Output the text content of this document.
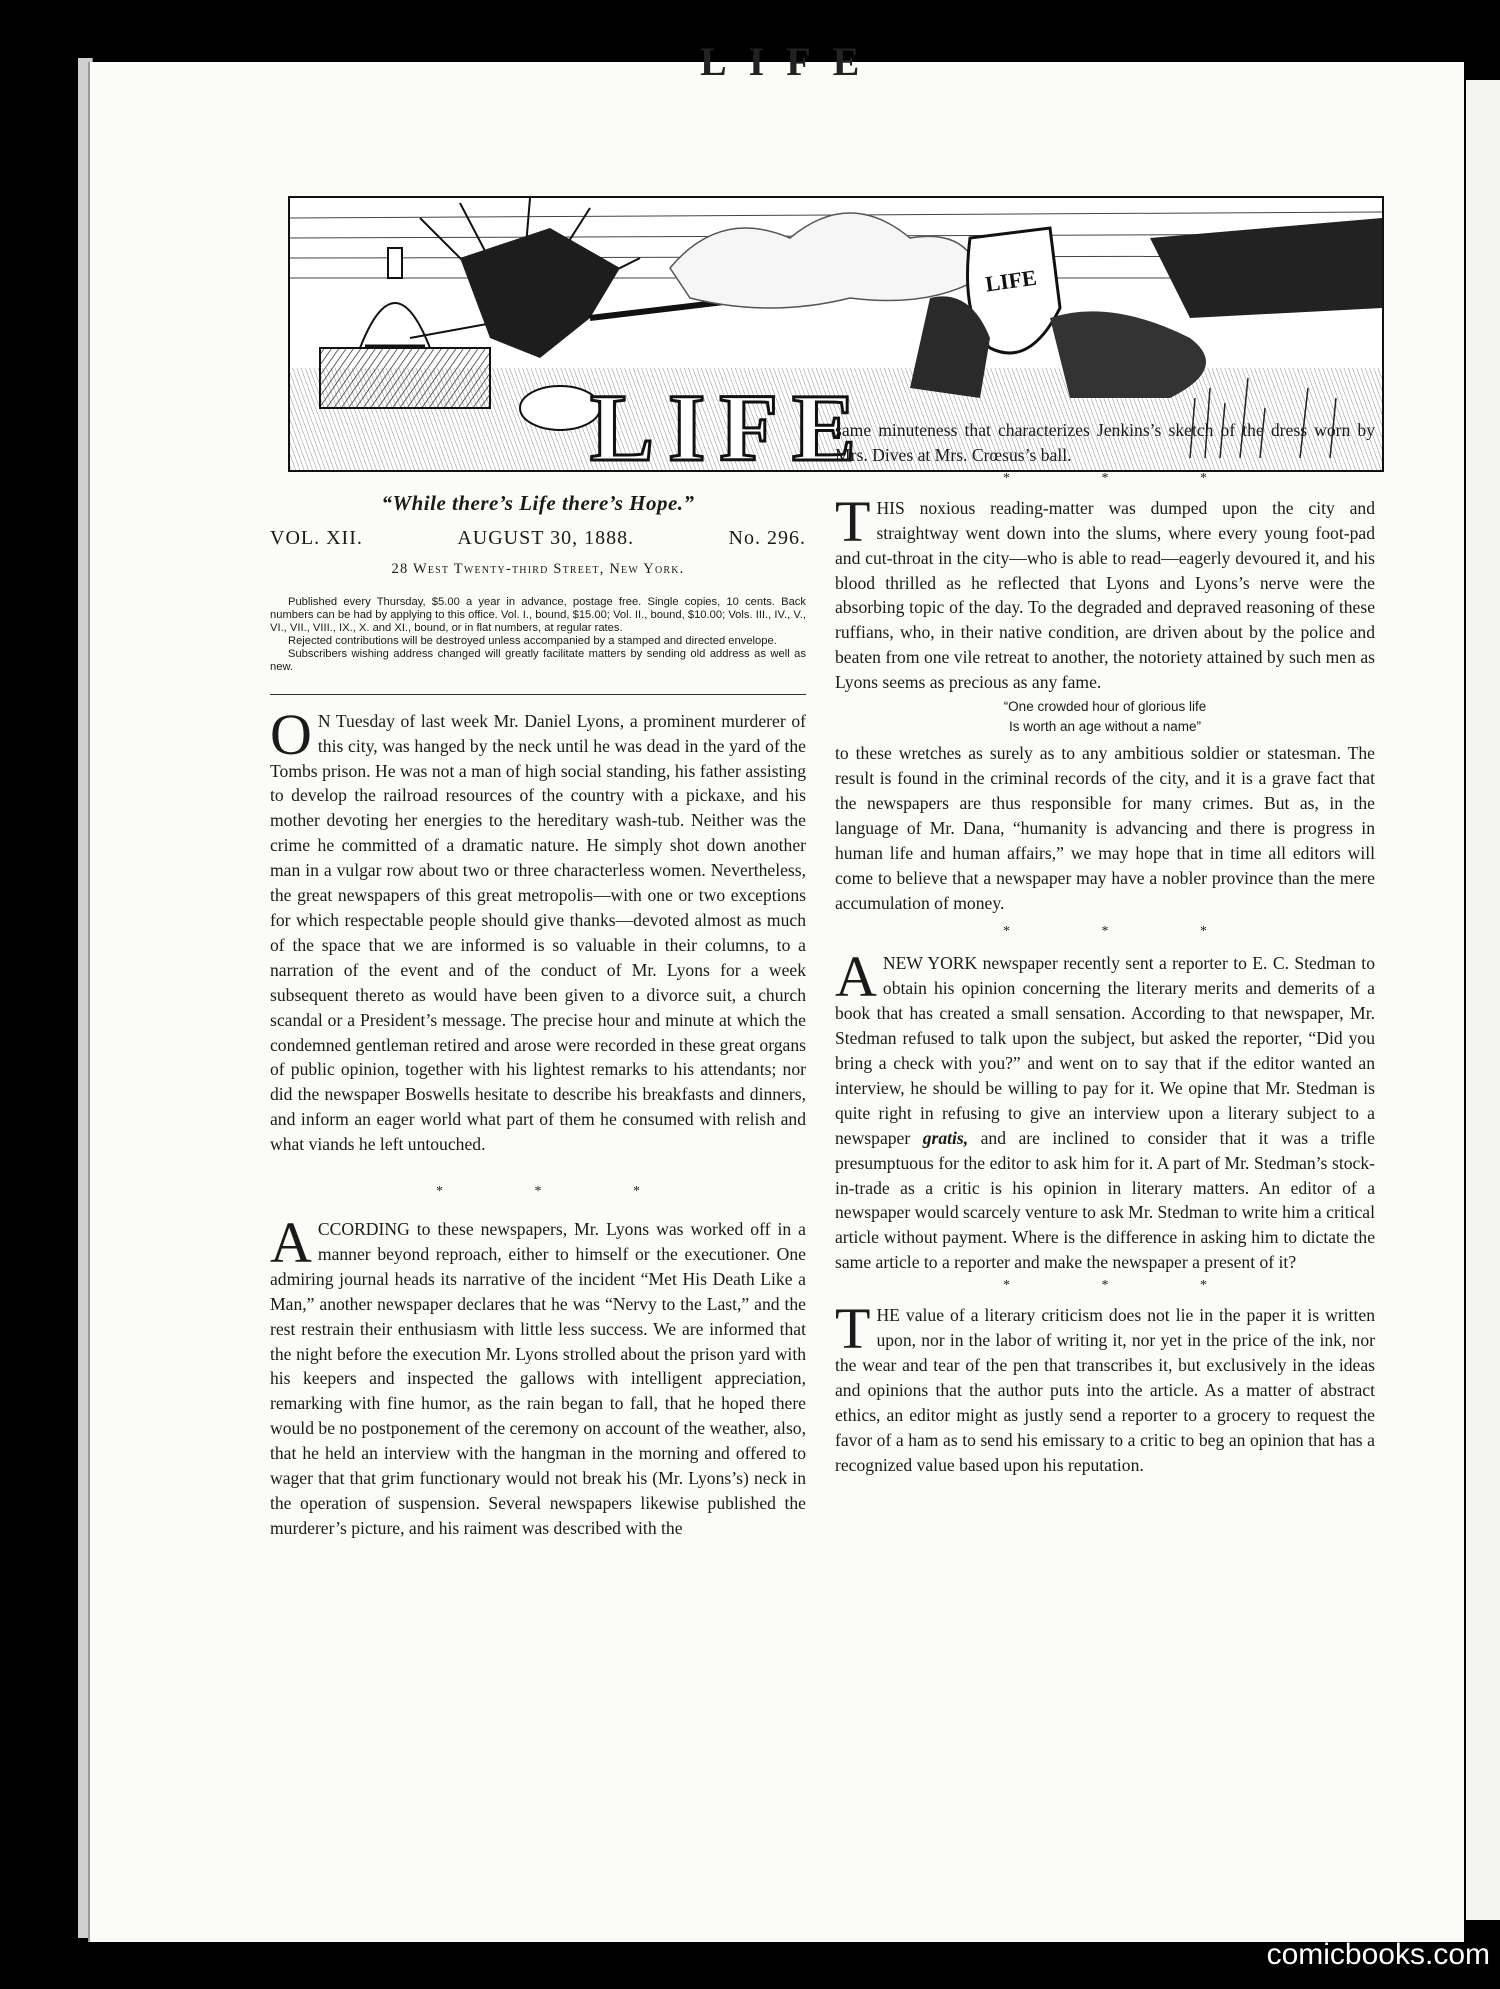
LIFE
LIFE
LIFE
“While there’s Life there’s Hope.”
VOL. XII.	AUGUST 30, 1888.	No. 296.
28 West Twenty-third Street, New York.

Published every Thursday, $5.00 a year in advance, postage free. Single copies, 10 cents. Back numbers can be had by applying to this office. Vol. I., bound, $15.00; Vol. II., bound, $10.00; Vols. III., IV., V., VI., VII., VIII., IX., X. and XI., bound, or in flat numbers, at regular rates.

Rejected contributions will be destroyed unless accompanied by a stamped and directed envelope.

Subscribers wishing address changed will greatly facilitate matters by sending old address as well as new.

O N Tuesday of last week Mr. Daniel Lyons, a prominent murderer of this city, was hanged by the neck until he was dead in the yard of the Tombs prison. He was not a man of high social standing, his father assisting to develop the railroad resources of the country with a pickaxe, and his mother devoting her energies to the hereditary wash-tub. Neither was the crime he committed of a dramatic nature. He simply shot down another man in a vulgar row about two or three characterless women. Nevertheless, the great newspapers of this great metropolis—with one or two exceptions for which respectable people should give thanks—devoted almost as much of the space that we are informed is so valuable in their columns, to a narration of the event and of the conduct of Mr. Lyons for a week subsequent thereto as would have been given to a divorce suit, a church scandal or a President’s message. The precise hour and minute at which the condemned gentleman retired and arose were recorded in these great organs of public opinion, together with his lightest remarks to his attendants; nor did the newspaper Boswells hesitate to describe his breakfasts and dinners, and inform an eager world what part of them he consumed with relish and what viands he left untouched.

* * *

ACCORDING to these newspapers, Mr. Lyons was worked off in a manner beyond reproach, either to himself or the executioner. One admiring journal heads its narrative of the incident “Met His Death Like a Man,” another newspaper declares that he was “Nervy to the Last,” and the rest restrain their enthusiasm with little less success. We are informed that the night before the execution Mr. Lyons strolled about the prison yard with his keepers and inspected the gallows with intelligent appreciation, remarking with fine humor, as the rain began to fall, that he hoped there would be no postponement of the ceremony on account of the weather, also, that he held an interview with the hangman in the morning and offered to wager that that grim functionary would not break his (Mr. Lyons’s) neck in the operation of suspension. Several newspapers likewise published the murderer’s picture, and his raiment was described with the

same minuteness that characterizes Jenkins’s sketch of the dress worn by Mrs. Dives at Mrs. Crœsus’s ball.

* * *

THIS noxious reading-matter was dumped upon the city and straightway went down into the slums, where every young foot-pad and cut-throat in the city—who is able to read—eagerly devoured it, and his blood thrilled as he reflected that Lyons and Lyons’s nerve were the absorbing topic of the day. To the degraded and depraved reasoning of these ruffians, who, in their native condition, are driven about by the police and beaten from one vile retreat to another, the notoriety attained by such men as Lyons seems as precious as any fame.

“One crowded hour of glorious life
Is worth an age without a name”

to these wretches as surely as to any ambitious soldier or statesman. The result is found in the criminal records of the city, and it is a grave fact that the newspapers are thus responsible for many crimes. But as, in the language of Mr. Dana, “humanity is advancing and there is progress in human life and human affairs,” we may hope that in time all editors will come to believe that a newspaper may have a nobler province than the mere accumulation of money.

* * *

ANEW YORK newspaper recently sent a reporter to E. C. Stedman to obtain his opinion concerning the literary merits and demerits of a book that has created a small sensation. According to that newspaper, Mr. Stedman refused to talk upon the subject, but asked the reporter, “Did you bring a check with you?” and went on to say that if the editor wanted an interview, he should be willing to pay for it. We opine that Mr. Stedman is quite right in refusing to give an interview upon a literary subject to a newspaper gratis, and are inclined to consider that it was a trifle presumptuous for the editor to ask him for it. A part of Mr. Stedman’s stock-in-trade as a critic is his opinion in literary matters. An editor of a newspaper would scarcely venture to ask Mr. Stedman to write him a critical article without payment. Where is the difference in asking him to dictate the same article to a reporter and make the newspaper a present of it?

* * *

THE value of a literary criticism does not lie in the paper it is written upon, nor in the labor of writing it, nor yet in the price of the ink, nor the wear and tear of the pen that transcribes it, but exclusively in the ideas and opinions that the author puts into the article. As a matter of abstract ethics, an editor might as justly send a reporter to a grocery to request the favor of a ham as to send his emissary to a critic to beg an opinion that has a recognized value based upon his reputation.

comicbooks.com
